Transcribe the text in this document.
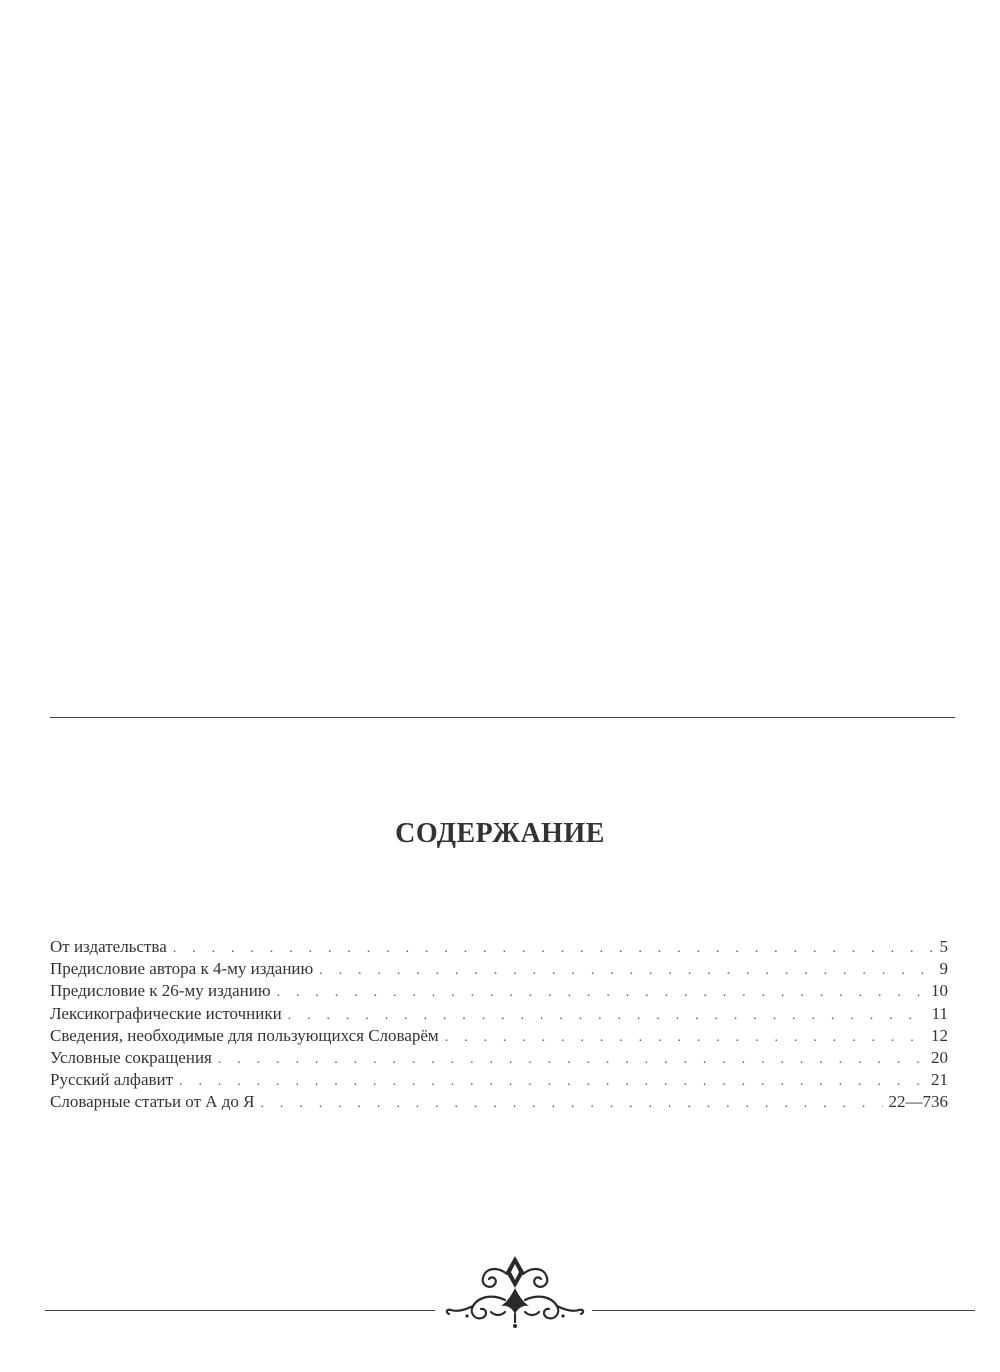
СОДЕРЖАНИЕ
От издательства . . .	5
Предисловие автора к 4-му изданию . . .	9
Предисловие к 26-му изданию . . .	10
Лексикографические источники . . .	11
Сведения, необходимые для пользующихся Словарём . . .	12
Условные сокращения . . .	20
Русский алфавит . . .	21
Словарные статьи от А до Я . . .	22—736
